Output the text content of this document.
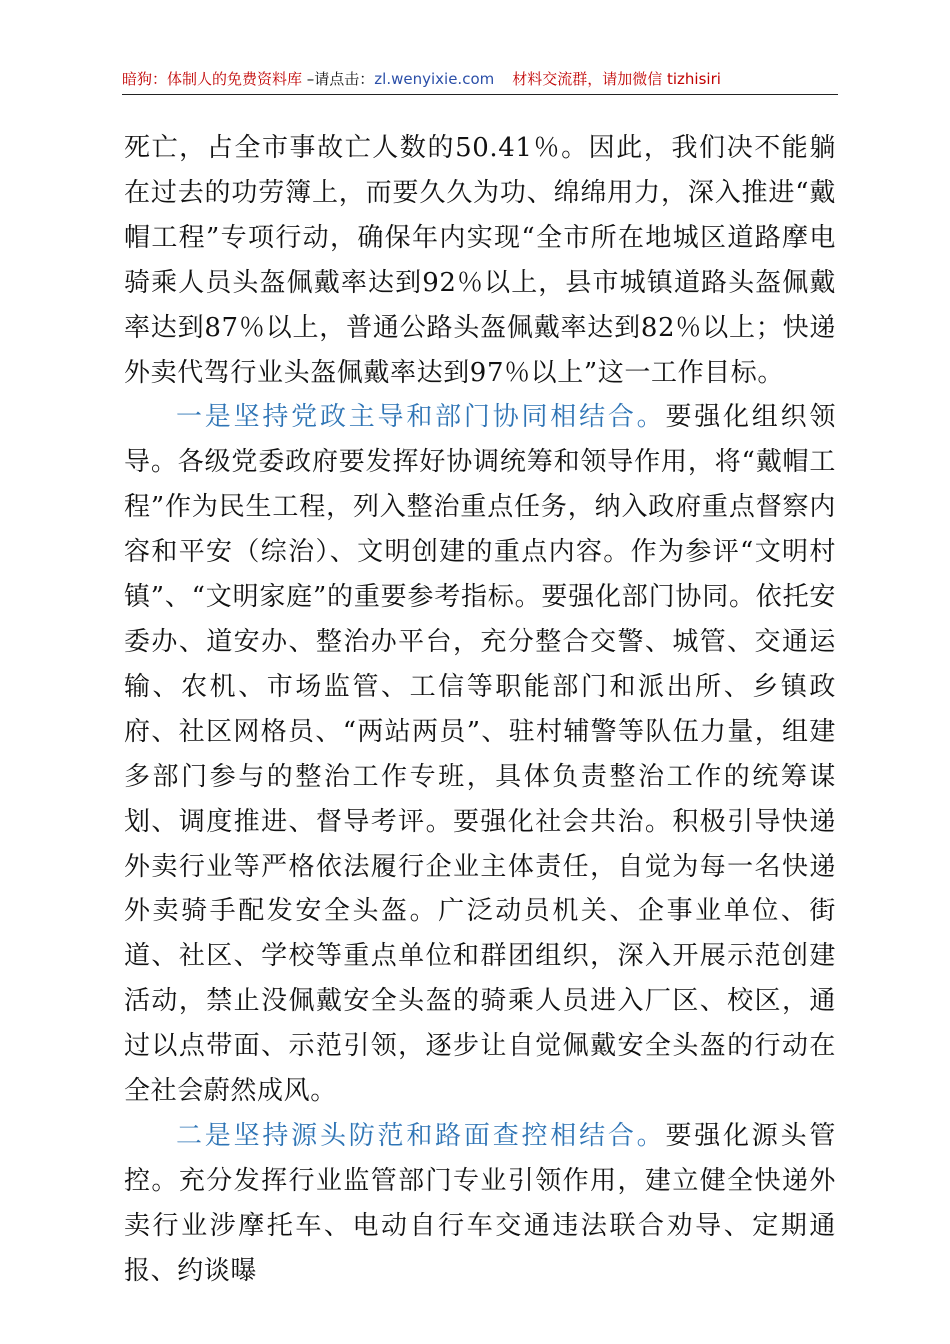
暗狗：体制人的免费资料库 –请点击：zl.wenyixie.com 材料交流群，请加微信 tizhisiri

死亡，占全市事故亡人数的50.41％。因此，我们决不能躺在过去的功劳簿上，而要久久为功、绵绵用力，深入推进“戴帽工程”专项行动，确保年内实现“全市所在地城区道路摩电骑乘人员头盔佩戴率达到92％以上，县市城镇道路头盔佩戴率达到87％以上，普通公路头盔佩戴率达到82％以上；快递外卖代驾行业头盔佩戴率达到97％以上”这一工作目标。

一是坚持党政主导和部门协同相结合。要强化组织领导。各级党委政府要发挥好协调统筹和领导作用，将“戴帽工程”作为民生工程，列入整治重点任务，纳入政府重点督察内容和平安（综治）、文明创建的重点内容。作为参评“文明村镇”、“文明家庭”的重要参考指标。要强化部门协同。依托安委办、道安办、整治办平台，充分整合交警、城管、交通运输、农机、市场监管、工信等职能部门和派出所、乡镇政府、社区网格员、“两站两员”、驻村辅警等队伍力量，组建多部门参与的整治工作专班，具体负责整治工作的统筹谋划、调度推进、督导考评。要强化社会共治。积极引导快递外卖行业等严格依法履行企业主体责任，自觉为每一名快递外卖骑手配发安全头盔。广泛动员机关、企事业单位、街道、社区、学校等重点单位和群团组织，深入开展示范创建活动，禁止没佩戴安全头盔的骑乘人员进入厂区、校区，通过以点带面、示范引领，逐步让自觉佩戴安全头盔的行动在全社会蔚然成风。

二是坚持源头防范和路面查控相结合。要强化源头管控。充分发挥行业监管部门专业引领作用，建立健全快递外卖行业涉摩托车、电动自行车交通违法联合劝导、定期通报、约谈曝
